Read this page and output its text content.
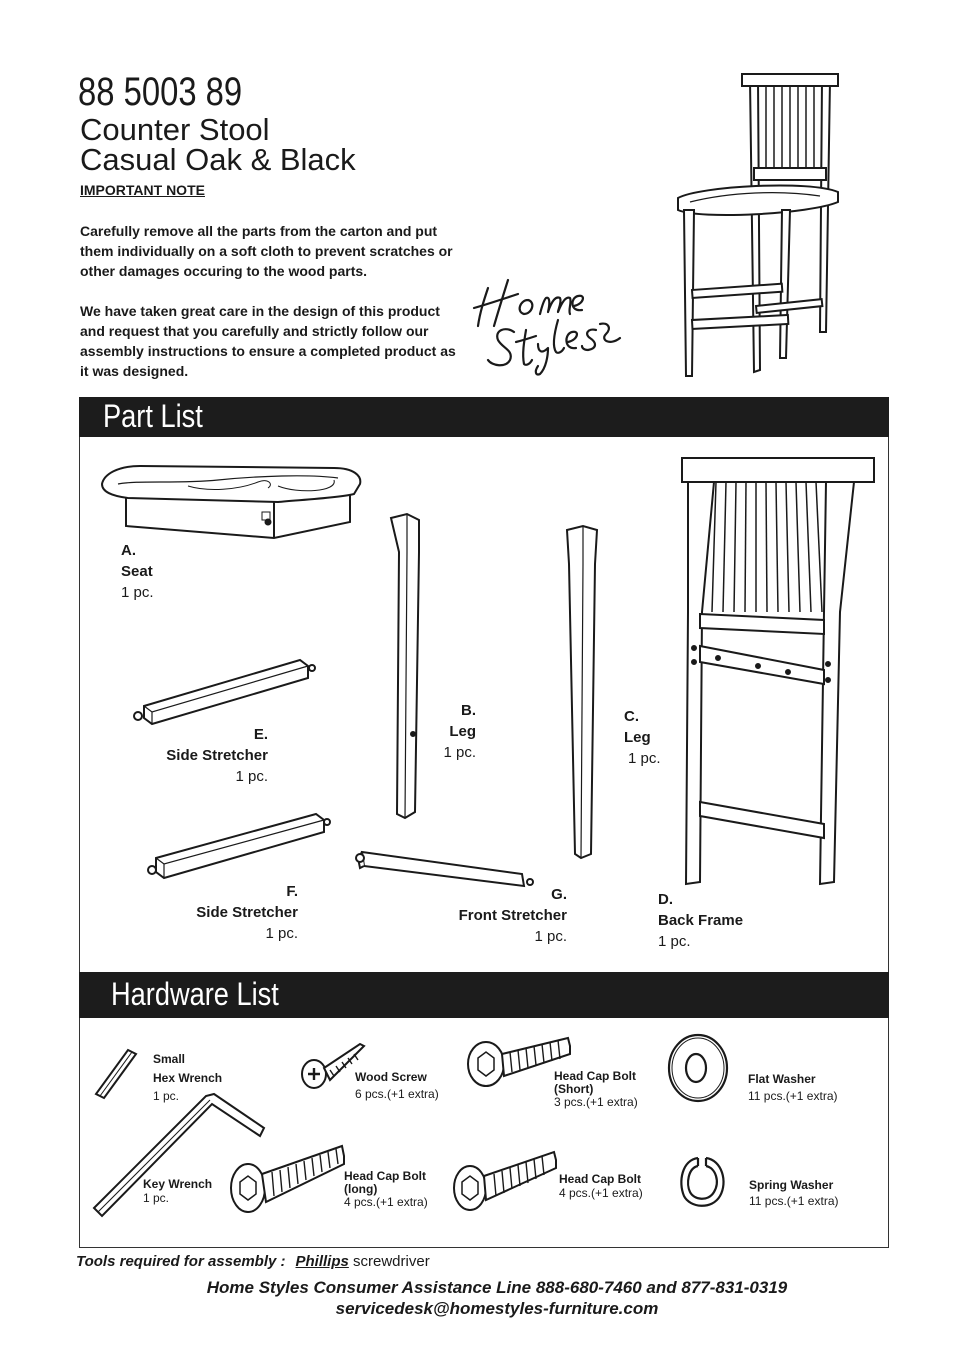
88 5003 89
Counter Stool
Casual Oak & Black
IMPORTANT NOTE
Carefully remove all the parts from the carton and put them individually on a soft cloth to prevent scratches or other damages occuring to the wood parts.
We have taken great care in the design of this product and request that you carefully and strictly follow our assembly instructions to ensure a completed product as it was designed.
Part List
A.
Seat
1 pc.
B.
Leg
1 pc.
C.
Leg
1 pc.
D.
Back Frame
1 pc.
E.
Side Stretcher
1 pc.
F.
Side Stretcher
1 pc.
G.
Front Stretcher
1 pc.
Hardware List
Small
Hex Wrench
1 pc.
Key Wrench
1 pc.
Wood Screw
6 pcs.(+1 extra)
Head Cap Bolt
(Short)
3 pcs.(+1 extra)
Flat Washer
11 pcs.(+1 extra)
Head Cap Bolt
(long)
4 pcs.(+1 extra)
Head Cap Bolt
4 pcs.(+1 extra)
Spring Washer
11 pcs.(+1 extra)
Tools required for assembly : Phillips screwdriver
Home Styles Consumer Assistance Line 888-680-7460 and 877-831-0319
servicedesk@homestyles-furniture.com
